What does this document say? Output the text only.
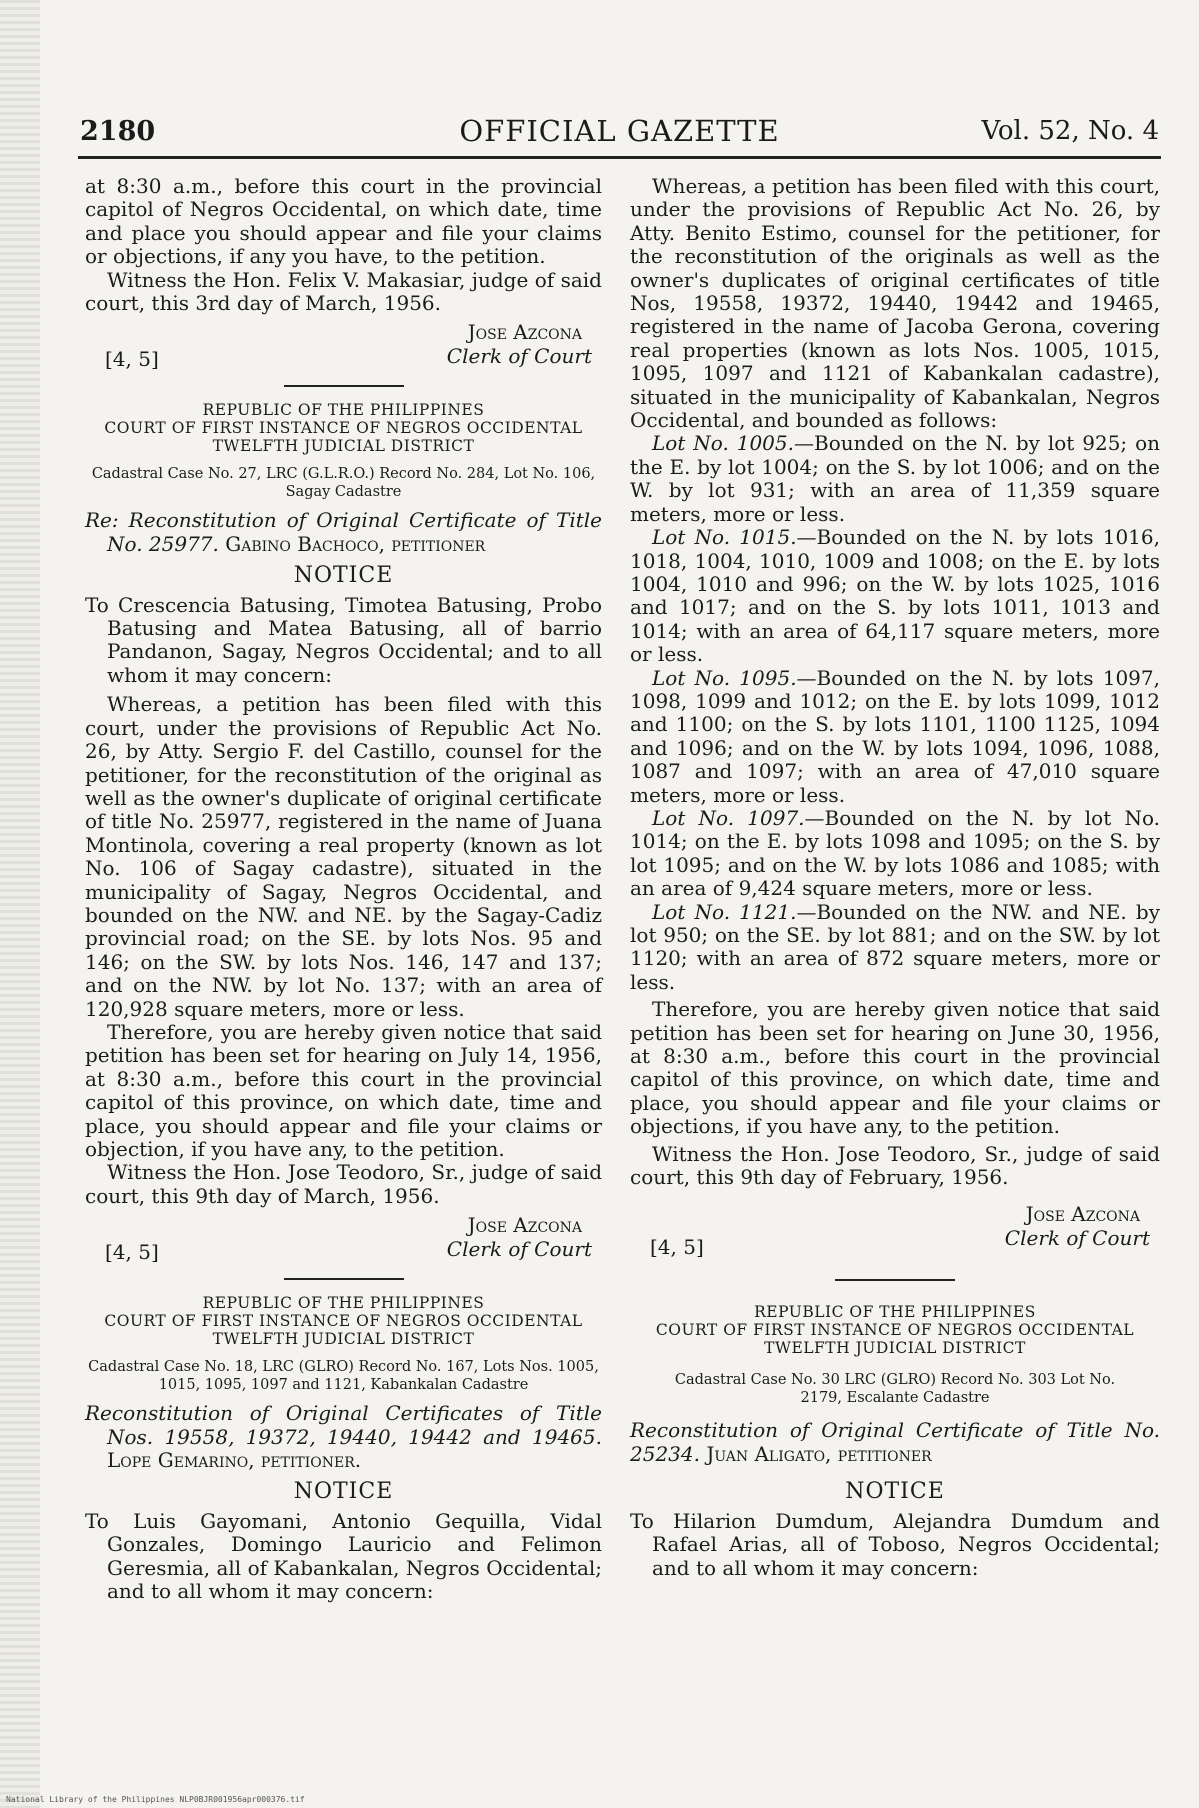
2180	OFFICIAL GAZETTE	Vol. 52, No. 4

at 8:30 a.m., before this court in the provincial capitol of Negros Occidental, on which date, time and place you should appear and file your claims or objections, if any you have, to the petition.

Witness the Hon. Felix V. Makasiar, judge of said court, this 3rd day of March, 1956.

[4, 5]
Jose Azcona
Clerk of Court
REPUBLIC OF THE PHILIPPINES
COURT OF FIRST INSTANCE OF NEGROS OCCIDENTAL
TWELFTH JUDICIAL DISTRICT
Cadastral Case No. 27, LRC (G.L.R.O.) Record No. 284, Lot No. 106, Sagay Cadastre

Re: Reconstitution of Original Certificate of Title No. 25977. Gabino Bachoco, petitioner

NOTICE

To Crescencia Batusing, Timotea Batusing, Probo Batusing and Matea Batusing, all of barrio Pandanon, Sagay, Negros Occidental; and to all whom it may concern:

Whereas, a petition has been filed with this court, under the provisions of Republic Act No. 26, by Atty. Sergio F. del Castillo, counsel for the petitioner, for the reconstitution of the original as well as the owner's duplicate of original certificate of title No. 25977, registered in the name of Juana Montinola, covering a real property (known as lot No. 106 of Sagay cadastre), situated in the municipality of Sagay, Negros Occidental, and bounded on the NW. and NE. by the Sagay-Cadiz provincial road; on the SE. by lots Nos. 95 and 146; on the SW. by lots Nos. 146, 147 and 137; and on the NW. by lot No. 137; with an area of 120,928 square meters, more or less.

Therefore, you are hereby given notice that said petition has been set for hearing on July 14, 1956, at 8:30 a.m., before this court in the provincial capitol of this province, on which date, time and place, you should appear and file your claims or objection, if you have any, to the petition.

Witness the Hon. Jose Teodoro, Sr., judge of said court, this 9th day of March, 1956.

[4, 5]
Jose Azcona
Clerk of Court
REPUBLIC OF THE PHILIPPINES
COURT OF FIRST INSTANCE OF NEGROS OCCIDENTAL
TWELFTH JUDICIAL DISTRICT
Cadastral Case No. 18, LRC (GLRO) Record No. 167, Lots Nos. 1005, 1015, 1095, 1097 and 1121, Kabankalan Cadastre

Reconstitution of Original Certificates of Title Nos. 19558, 19372, 19440, 19442 and 19465. Lope Gemarino, petitioner.

NOTICE

To Luis Gayomani, Antonio Gequilla, Vidal Gonzales, Domingo Lauricio and Felimon Geresmia, all of Kabankalan, Negros Occidental; and to all whom it may concern:

Whereas, a petition has been filed with this court, under the provisions of Republic Act No. 26, by Atty. Benito Estimo, counsel for the petitioner, for the reconstitution of the originals as well as the owner's duplicates of original certificates of title Nos, 19558, 19372, 19440, 19442 and 19465, registered in the name of Jacoba Gerona, covering real properties (known as lots Nos. 1005, 1015, 1095, 1097 and 1121 of Kabankalan cadastre), situated in the municipality of Kabankalan, Negros Occidental, and bounded as follows:

Lot No. 1005.—Bounded on the N. by lot 925; on the E. by lot 1004; on the S. by lot 1006; and on the W. by lot 931; with an area of 11,359 square meters, more or less.

Lot No. 1015.—Bounded on the N. by lots 1016, 1018, 1004, 1010, 1009 and 1008; on the E. by lots 1004, 1010 and 996; on the W. by lots 1025, 1016 and 1017; and on the S. by lots 1011, 1013 and 1014; with an area of 64,117 square meters, more or less.

Lot No. 1095.—Bounded on the N. by lots 1097, 1098, 1099 and 1012; on the E. by lots 1099, 1012 and 1100; on the S. by lots 1101, 1100 1125, 1094 and 1096; and on the W. by lots 1094, 1096, 1088, 1087 and 1097; with an area of 47,010 square meters, more or less.

Lot No. 1097.—Bounded on the N. by lot No. 1014; on the E. by lots 1098 and 1095; on the S. by lot 1095; and on the W. by lots 1086 and 1085; with an area of 9,424 square meters, more or less.

Lot No. 1121.—Bounded on the NW. and NE. by lot 950; on the SE. by lot 881; and on the SW. by lot 1120; with an area of 872 square meters, more or less.

Therefore, you are hereby given notice that said petition has been set for hearing on June 30, 1956, at 8:30 a.m., before this court in the provincial capitol of this province, on which date, time and place, you should appear and file your claims or objections, if you have any, to the petition.

Witness the Hon. Jose Teodoro, Sr., judge of said court, this 9th day of February, 1956.

[4, 5]
Jose Azcona
Clerk of Court
REPUBLIC OF THE PHILIPPINES
COURT OF FIRST INSTANCE OF NEGROS OCCIDENTAL
TWELFTH JUDICIAL DISTRICT
Cadastral Case No. 30 LRC (GLRO) Record No. 303 Lot No. 2179, Escalante Cadastre

Reconstitution of Original Certificate of Title No. 25234. Juan Aligato, petitioner

NOTICE

To Hilarion Dumdum, Alejandra Dumdum and Rafael Arias, all of Toboso, Negros Occidental; and to all whom it may concern:

National Library of the Philippines NLP0BJR001956apr000376.tif
